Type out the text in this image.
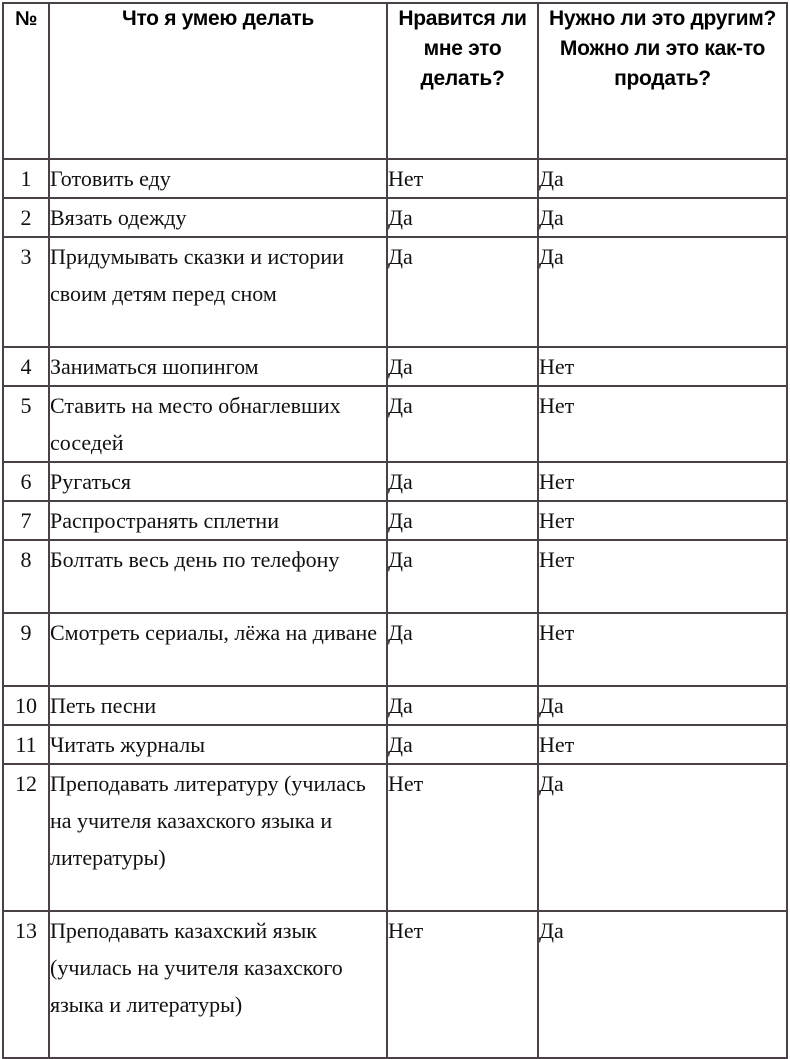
№	Что я умею делать	Нравится ли мне это делать?	Нужно ли это другим? Можно ли это как-то продать?
1	Готовить еду	Нет	Да
2	Вязать одежду	Да	Да
3	Придумывать сказки и истории своим детям перед сном	Да	Да
4	Заниматься шопингом	Да	Нет
5	Ставить на место обнаглевших соседей	Да	Нет
6	Ругаться	Да	Нет
7	Распространять сплетни	Да	Нет
8	Болтать весь день по телефону	Да	Нет
9	Смотреть сериалы, лёжа на диване	Да	Нет
10	Петь песни	Да	Да
11	Читать журналы	Да	Нет
12	Преподавать литературу (училась на учителя казахского языка и литературы)	Нет	Да
13	Преподавать казахский язык (училась на учителя казахского языка и литературы)	Нет	Да
